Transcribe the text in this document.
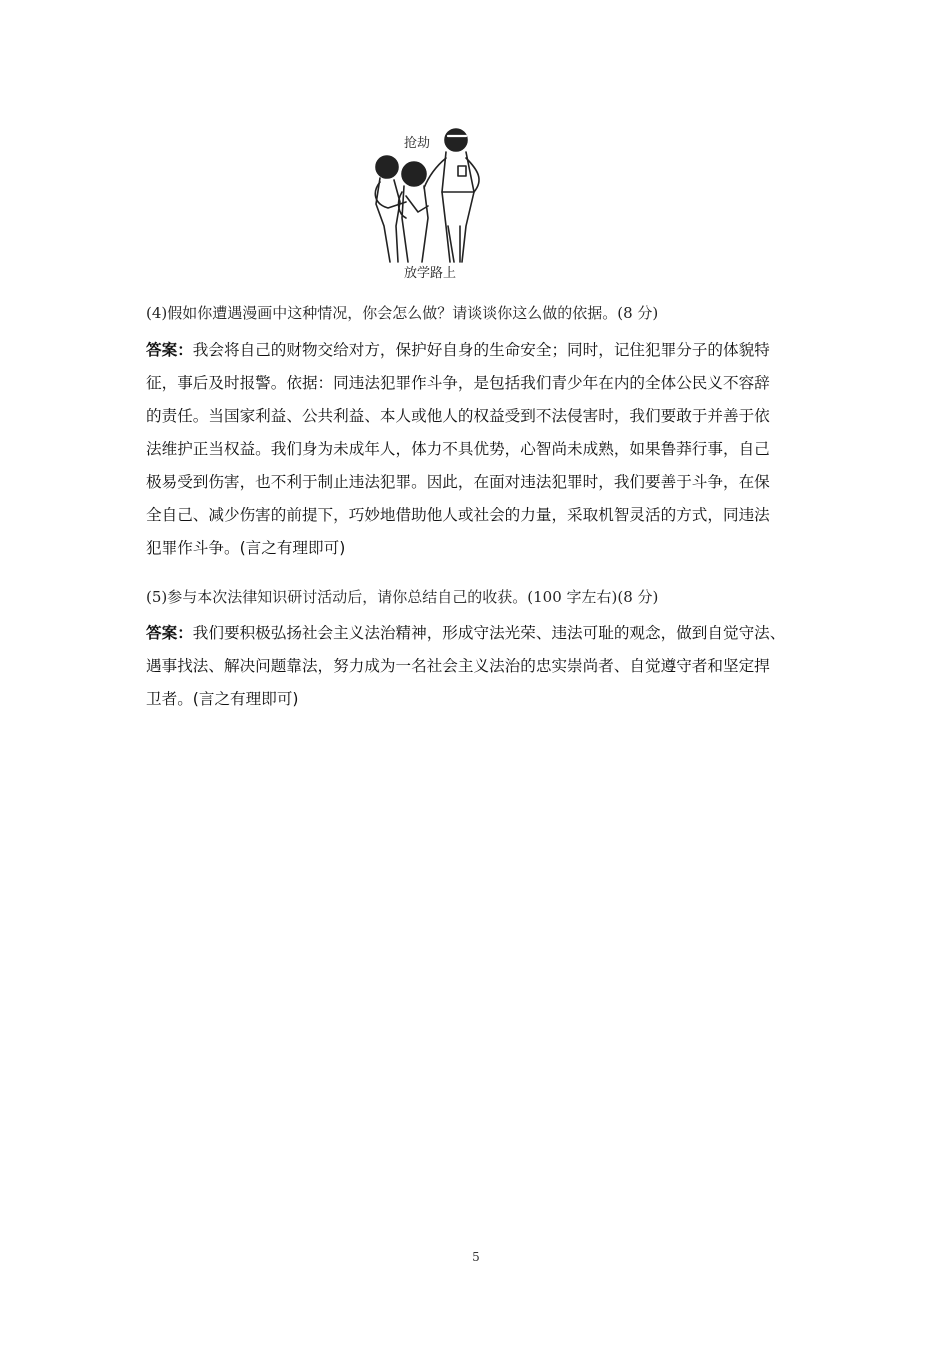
抢劫
放学路上
(4)假如你遭遇漫画中这种情况，你会怎么做？请谈谈你这么做的依据。(8 分)
答案：我会将自己的财物交给对方，保护好自身的生命安全；同时，记住犯罪分子的体貌特
征，事后及时报警。依据：同违法犯罪作斗争，是包括我们青少年在内的全体公民义不容辞
的责任。当国家利益、公共利益、本人或他人的权益受到不法侵害时，我们要敢于并善于依
法维护正当权益。我们身为未成年人，体力不具优势，心智尚未成熟，如果鲁莽行事，自己
极易受到伤害，也不利于制止违法犯罪。因此，在面对违法犯罪时，我们要善于斗争，在保
全自己、减少伤害的前提下，巧妙地借助他人或社会的力量，采取机智灵活的方式，同违法
犯罪作斗争。(言之有理即可)
(5)参与本次法律知识研讨活动后，请你总结自己的收获。(100 字左右)(8 分)
答案：我们要积极弘扬社会主义法治精神，形成守法光荣、违法可耻的观念，做到自觉守法、
遇事找法、解决问题靠法，努力成为一名社会主义法治的忠实崇尚者、自觉遵守者和坚定捍
卫者。(言之有理即可)
5
